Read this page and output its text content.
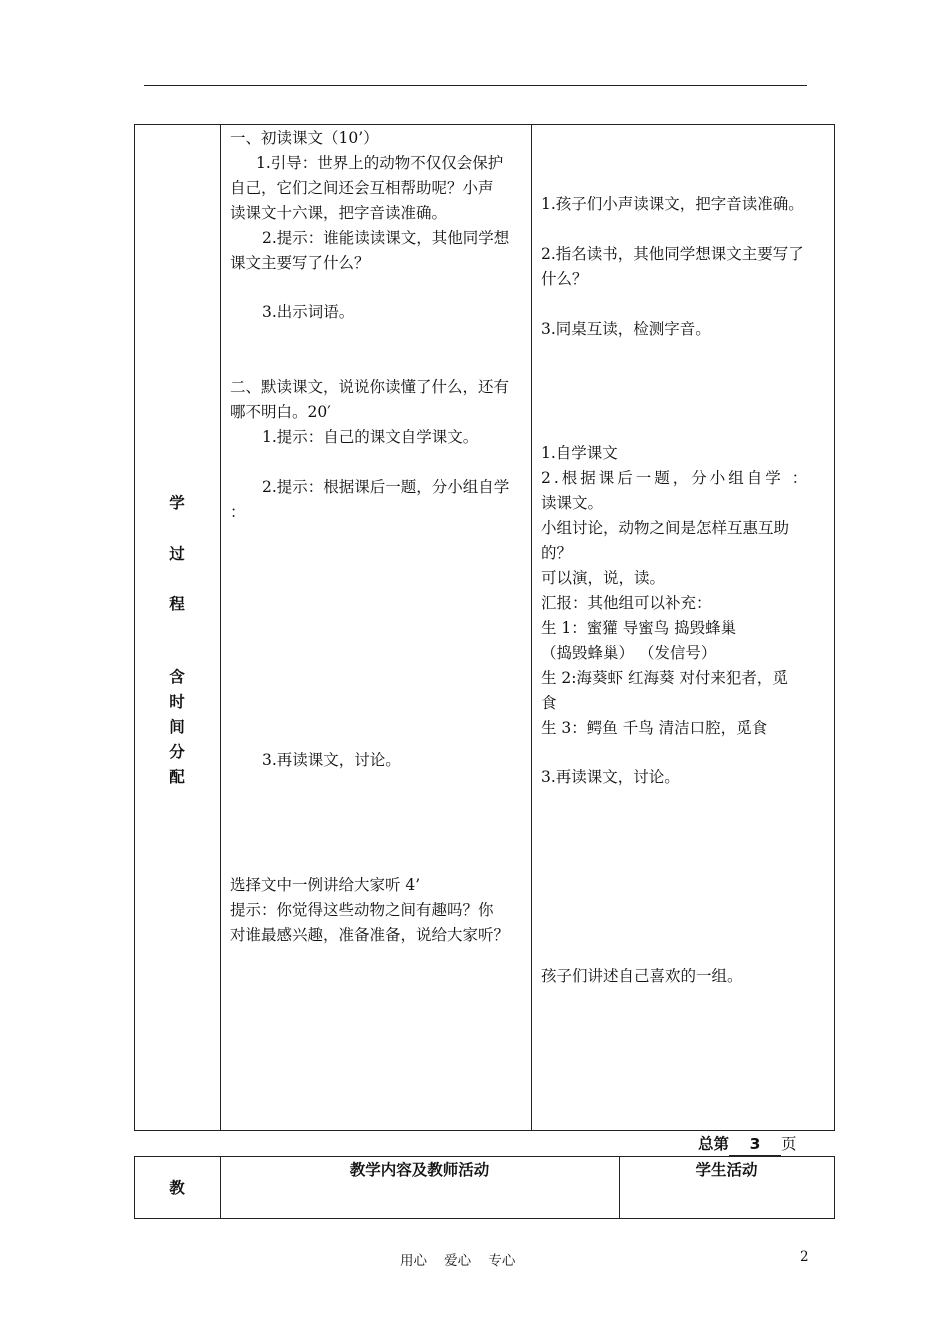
学
过
程
含
时
间
分
配
一、初读课文（10’）
1.引导：世界上的动物不仅仅会保护
自己，它们之间还会互相帮助呢？小声
读课文十六课，把字音读准确。
2.提示：谁能读读课文，其他同学想
课文主要写了什么？
3.出示词语。
二、默读课文，说说你读懂了什么，还有
哪不明白。20′
1.提示：自己的课文自学课文。
2.提示：根据课后一题，分小组自学
：
3.再读课文，讨论。
选择文中一例讲给大家听 4’
提示：你觉得这些动物之间有趣吗？你
对谁最感兴趣，准备准备，说给大家听？
1.孩子们小声读课文，把字音读准确。
2.指名读书，其他同学想课文主要写了
什么？
3.同桌互读，检测字音。
1.自学课文
2.根据课后一题，分小组自学 ：
读课文。
小组讨论，动物之间是怎样互惠互助
的？
可以演，说，读。
汇报：其他组可以补充：
生 1：蜜獾 导蜜鸟 捣毁蜂巢
（捣毁蜂巢） （发信号）
生 2:海葵虾 红海葵 对付来犯者，觅
食
生 3：鳄鱼 千鸟 清洁口腔，觅食
3.再读课文，讨论。
孩子们讲述自己喜欢的一组。
总第 3 页
教
教学内容及教师活动	学生活动
用心    爱心    专心	2
